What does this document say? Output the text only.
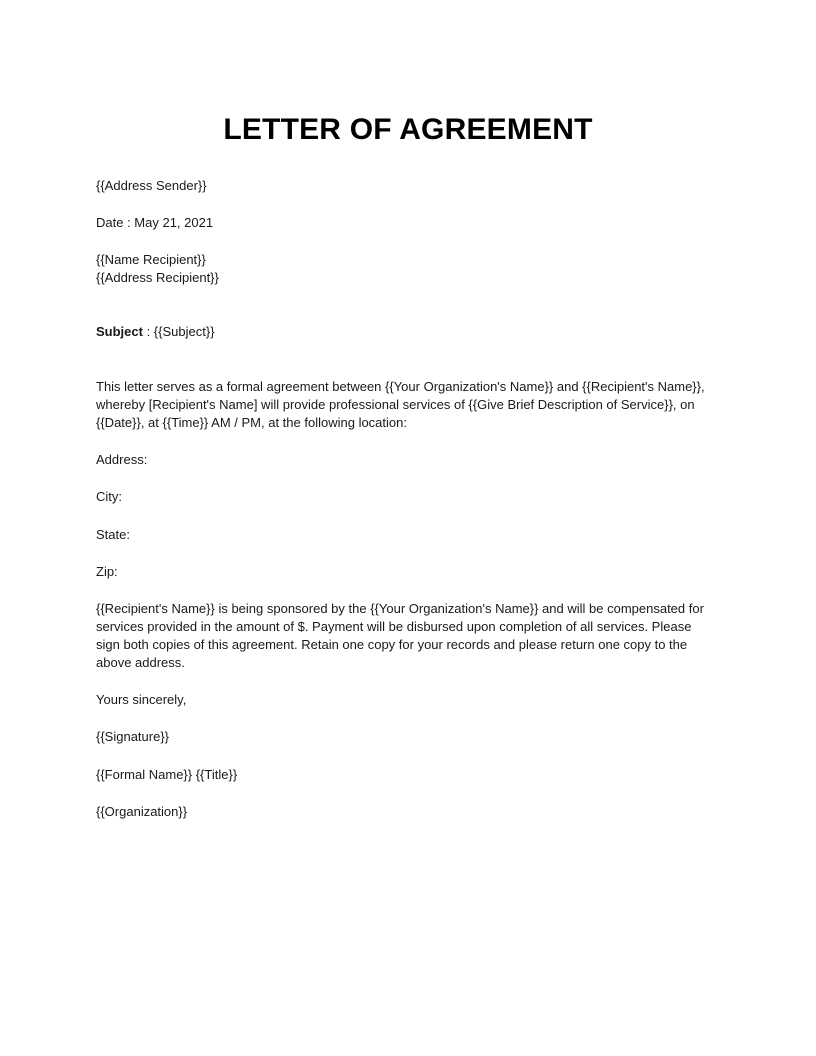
LETTER OF AGREEMENT
{{Address Sender}}
Date : May 21, 2021
{{Name Recipient}}
{{Address Recipient}}
Subject : {{Subject}}
This letter serves as a formal agreement between {{Your Organization's Name}} and {{Recipient's Name}},
whereby [Recipient's Name] will provide professional services of {{Give Brief Description of Service}}, on
{{Date}}, at {{Time}} AM / PM, at the following location:
Address:
City:
State:
Zip:
{{Recipient's Name}} is being sponsored by the {{Your Organization's Name}} and will be compensated for
services provided in the amount of $. Payment will be disbursed upon completion of all services. Please
sign both copies of this agreement. Retain one copy for your records and please return one copy to the
above address.
Yours sincerely,
{{Signature}}
{{Formal Name}} {{Title}}
{{Organization}}
